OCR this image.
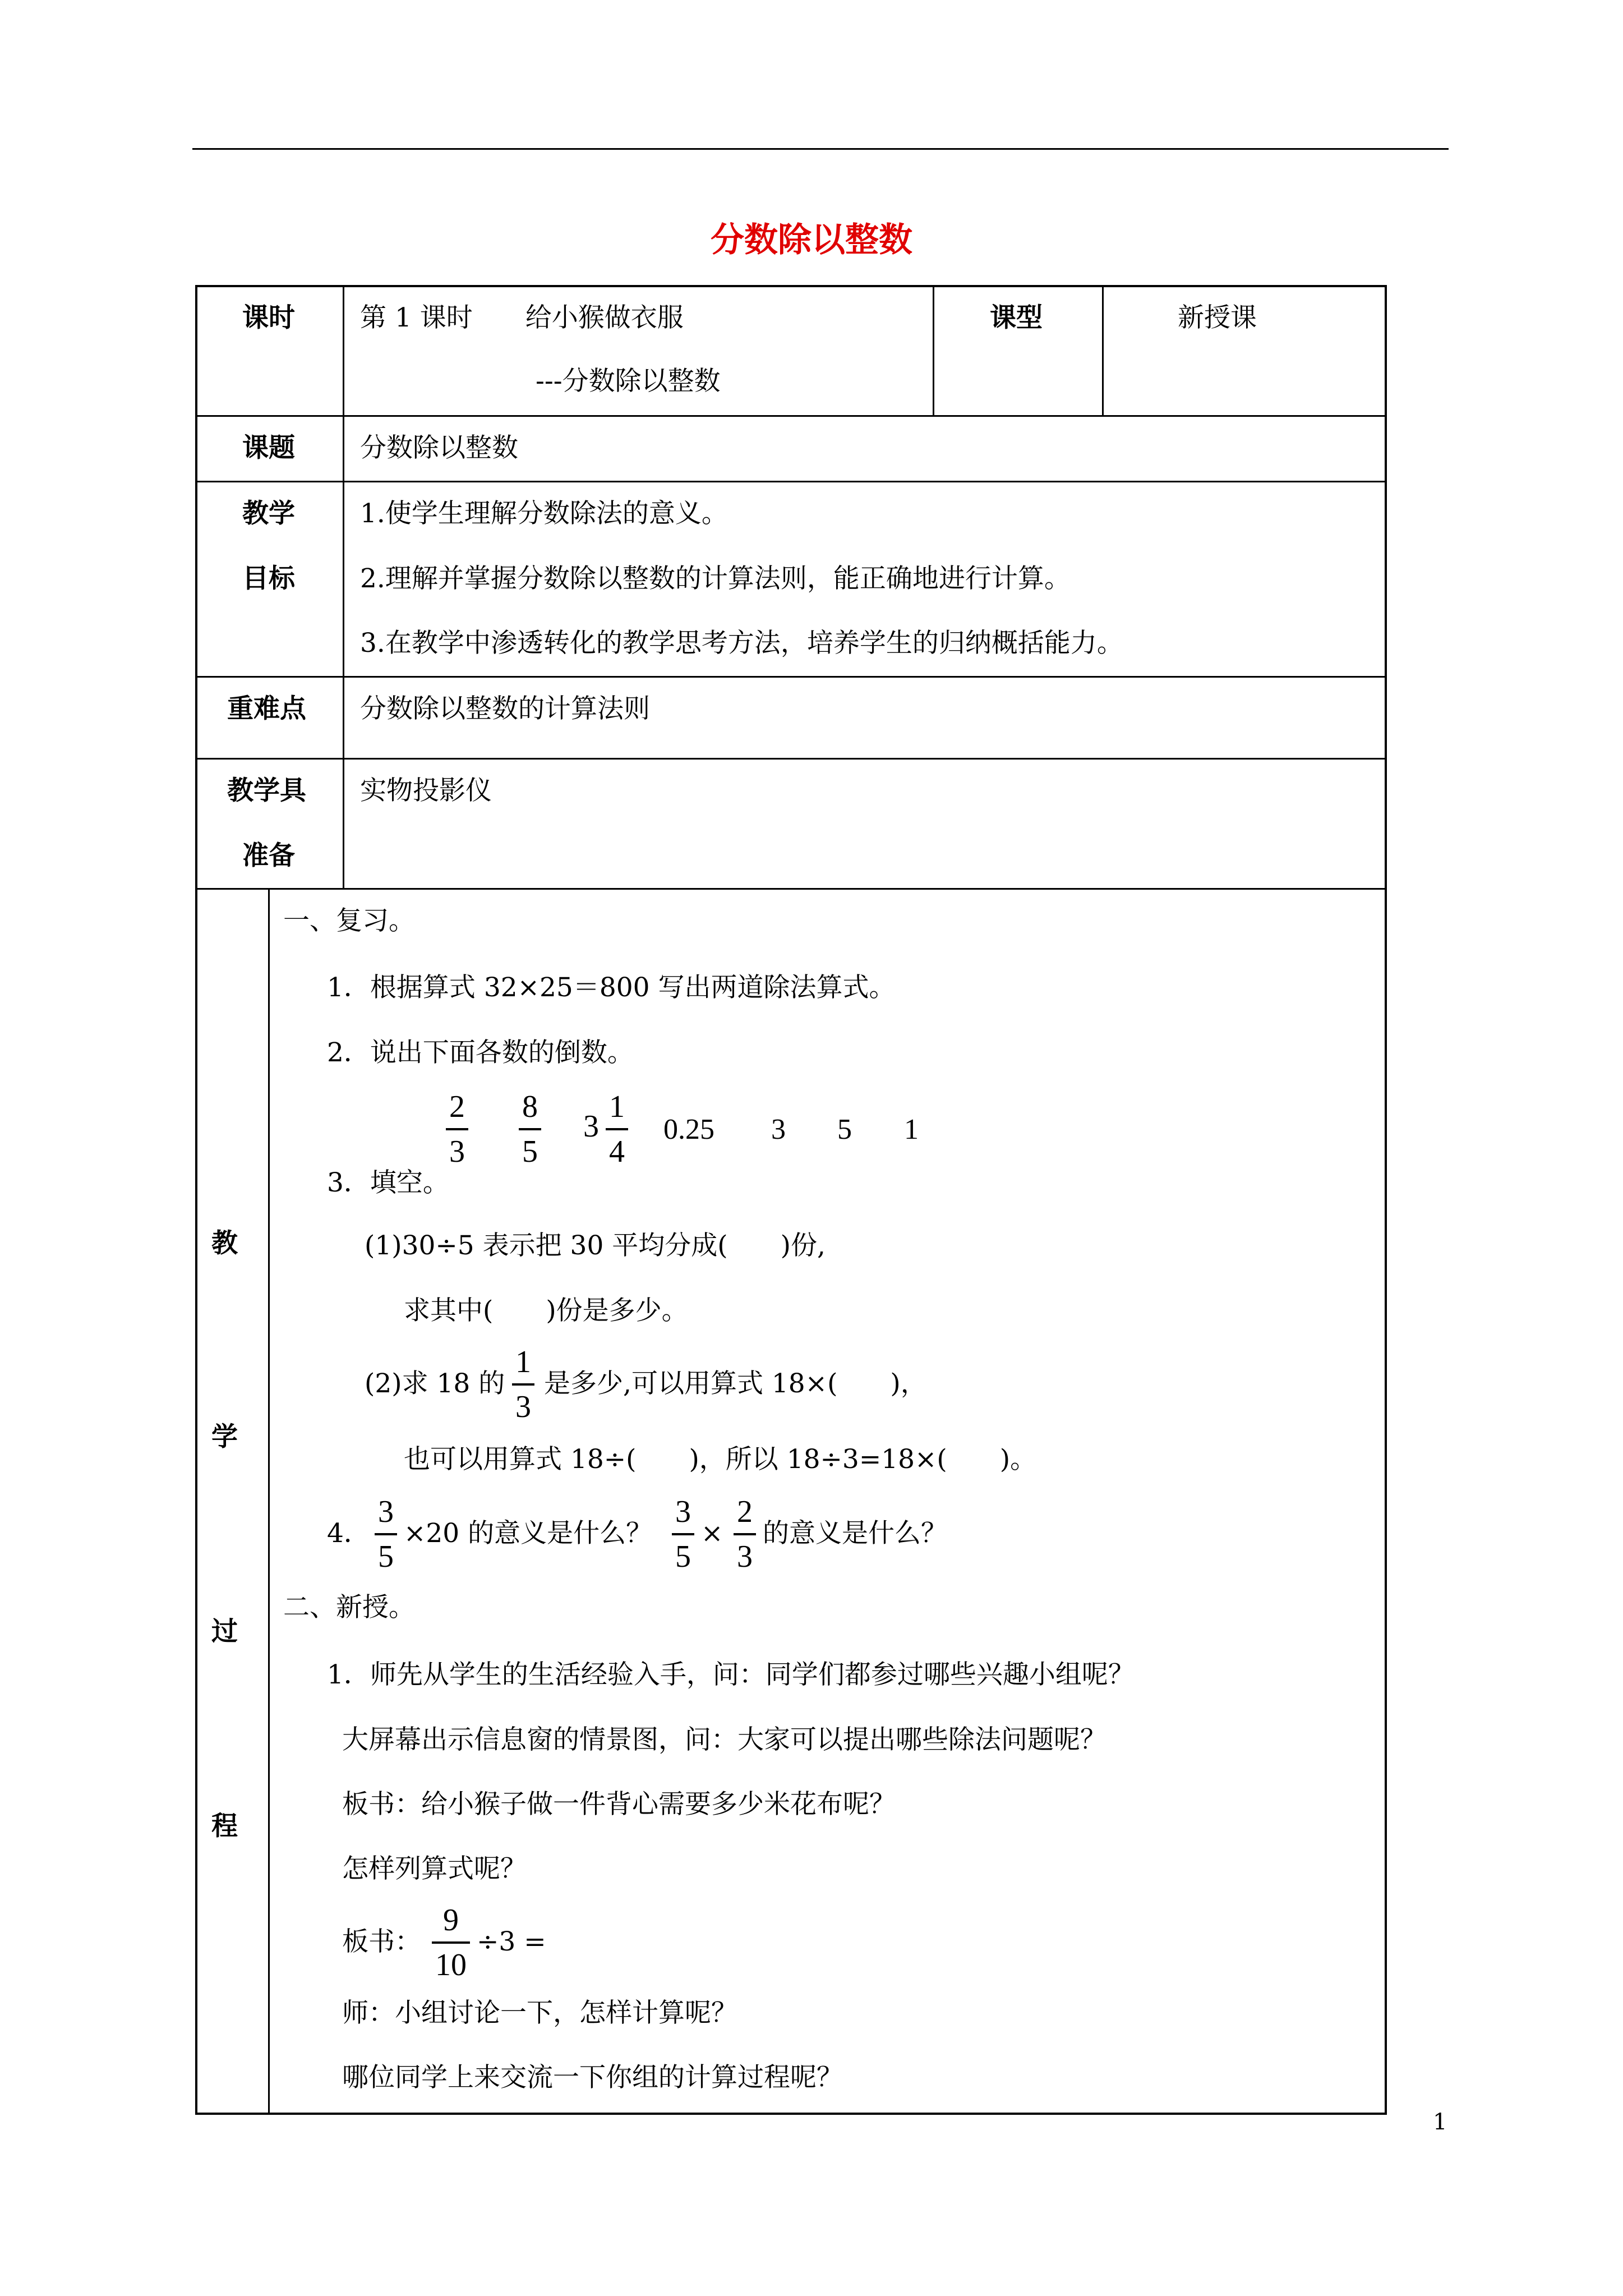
分数除以整数
课时 第 1 课时　　给小猴做衣服
---分数除以整数
课型	新授课
课题 分数除以整数
教学
目标
1.使学生理解分数除法的意义。
2.理解并掌握分数除以整数的计算法则，能正确地进行计算。
3.在教学中渗透转化的教学思考方法，培养学生的归纳概括能力。
重难点 分数除以整数的计算法则
教学具
准备
实物投影仪
教
学
过
程
一、复习。
1．根据算式 32×25＝800 写出两道除法算式。
2．说出下面各数的倒数。
2
3
8
5
3
1
4
0.25 3 5 1
3．填空。
(1)30÷5 表示把 30 平均分成(　　)份,
求其中(　　)份是多少。
(2)求 18 的
1
3
是多少,可以用算式 18×(　　)，
也可以用算式 18÷(　　)，所以 18÷3=18×(　　)。
4．
3
5
×20 的意义是什么？
3
5
×
2
3
的意义是什么？
二、新授。
1．师先从学生的生活经验入手，问：同学们都参过哪些兴趣小组呢？
大屏幕出示信息窗的情景图，问：大家可以提出哪些除法问题呢？
板书：给小猴子做一件背心需要多少米花布呢？
怎样列算式呢？
板书：
9
10
÷3 =
师：小组讨论一下，怎样计算呢？
哪位同学上来交流一下你组的计算过程呢？
1
